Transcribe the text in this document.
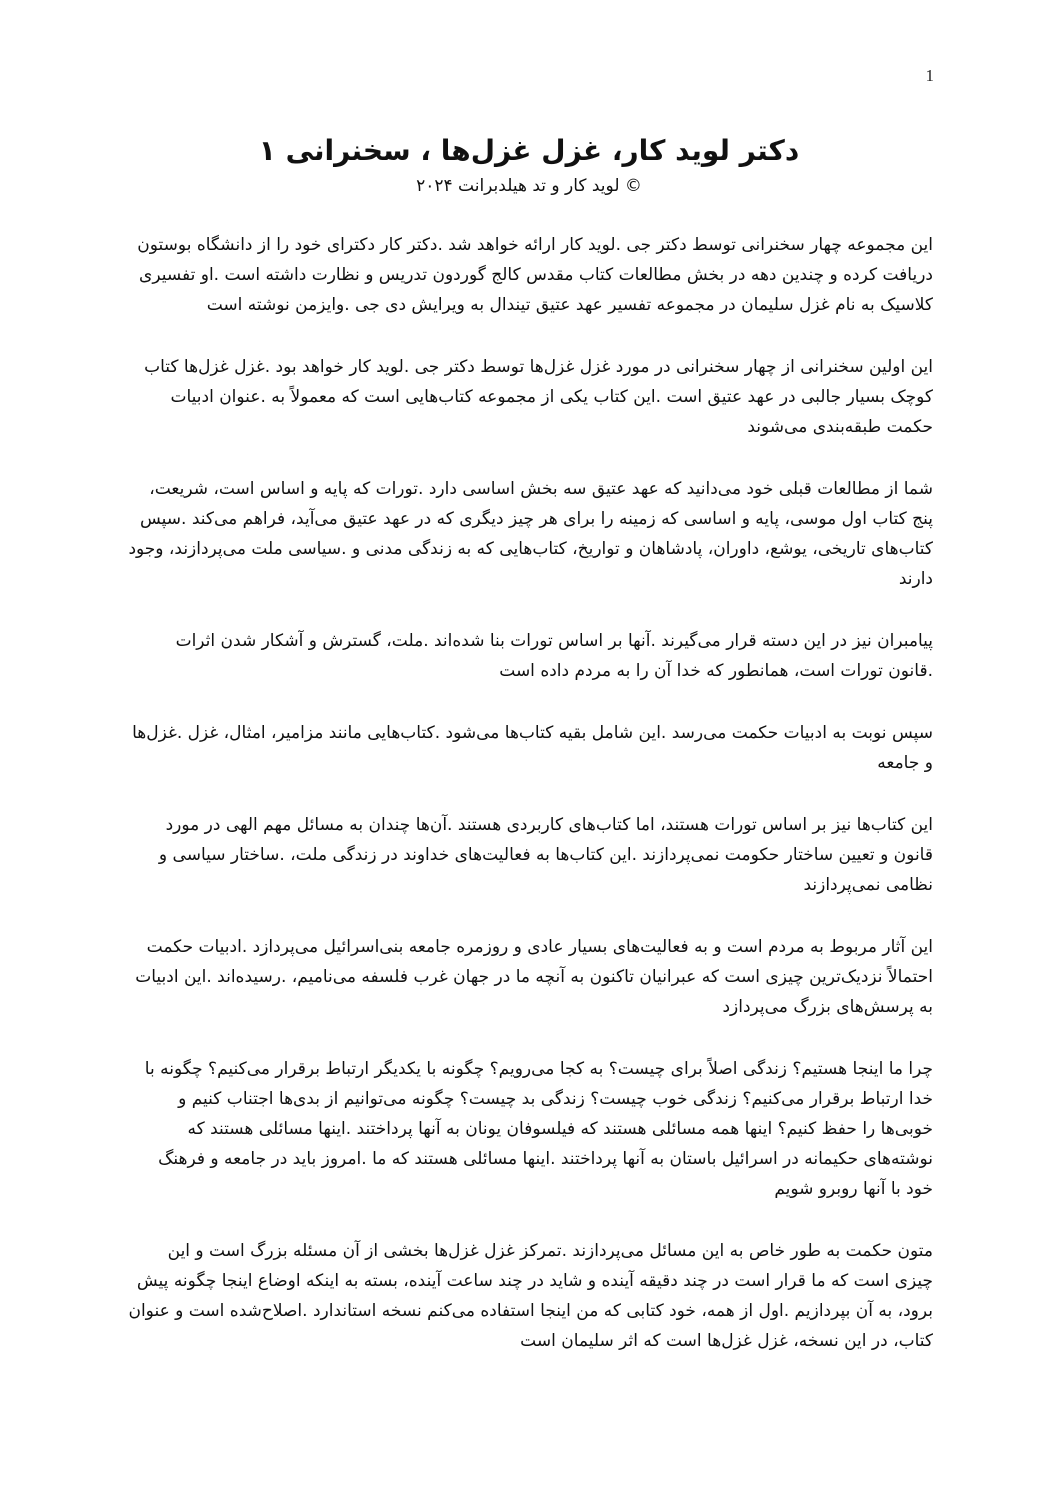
1
دکتر لوید کار، غزل غزل‌ها ، سخنرانی ۱
© لوید کار و تد هیلدبرانت ۲۰۲۴

این مجموعه چهار سخنرانی توسط دکتر جی .لوید کار ارائه خواهد شد .دکتر کار دکترای خود را از دانشگاه بوستون دریافت کرده و چندین دهه در بخش مطالعات کتاب مقدس کالج گوردون تدریس و نظارت داشته است .او تفسیری کلاسیک به نام غزل سلیمان در مجموعه تفسیر عهد عتیق تیندال به ویرایش دی جی .وایزمن نوشته است

این اولین سخنرانی از چهار سخنرانی در مورد غزل غزل‌ها توسط دکتر جی .لوید کار خواهد بود .غزل غزل‌ها کتاب کوچک بسیار جالبی در عهد عتیق است .این کتاب یکی از مجموعه کتاب‌هایی است که معمولاً به .عنوان ادبیات حکمت طبقه‌بندی می‌شوند

شما از مطالعات قبلی خود می‌دانید که عهد عتیق سه بخش اساسی دارد .تورات که پایه و اساس است، شریعت، پنج کتاب اول موسی، پایه و اساسی که زمینه را برای هر چیز دیگری که در عهد عتیق می‌آید، فراهم می‌کند .سپس کتاب‌های تاریخی، یوشع، داوران، پادشاهان و تواریخ، کتاب‌هایی که به زندگی مدنی و .سیاسی ملت می‌پردازند، وجود دارند

پیامبران نیز در این دسته قرار می‌گیرند .آنها بر اساس تورات بنا شده‌اند .ملت، گسترش و آشکار شدن اثرات .قانون تورات است، همانطور که خدا آن را به مردم داده است

سپس نوبت به ادبیات حکمت می‌رسد .این شامل بقیه کتاب‌ها می‌شود .کتاب‌هایی مانند مزامیر، امثال، غزل .غزل‌ها و جامعه

این کتاب‌ها نیز بر اساس تورات هستند، اما کتاب‌های کاربردی هستند .آن‌ها چندان به مسائل مهم الهی در مورد قانون و تعیین ساختار حکومت نمی‌پردازند .این کتاب‌ها به فعالیت‌های خداوند در زندگی ملت، .ساختار سیاسی و نظامی نمی‌پردازند

این آثار مربوط به مردم است و به فعالیت‌های بسیار عادی و روزمره جامعه بنی‌اسرائیل می‌پردازد .ادبیات حکمت احتمالاً نزدیک‌ترین چیزی است که عبرانیان تاکنون به آنچه ما در جهان غرب فلسفه می‌نامیم، .رسیده‌اند .این ادبیات به پرسش‌های بزرگ می‌پردازد

چرا ما اینجا هستیم؟ زندگی اصلاً برای چیست؟ به کجا می‌رویم؟ چگونه با یکدیگر ارتباط برقرار می‌کنیم؟ چگونه با خدا ارتباط برقرار می‌کنیم؟ زندگی خوب چیست؟ زندگی بد چیست؟ چگونه می‌توانیم از بدی‌ها اجتناب کنیم و خوبی‌ها را حفظ کنیم؟ اینها همه مسائلی هستند که فیلسوفان یونان به آنها پرداختند .اینها مسائلی هستند که نوشته‌های حکیمانه در اسرائیل باستان به آنها پرداختند .اینها مسائلی هستند که ما .امروز باید در جامعه و فرهنگ خود با آنها روبرو شویم

متون حکمت به طور خاص به این مسائل می‌پردازند .تمرکز غزل غزل‌ها بخشی از آن مسئله بزرگ است و این چیزی است که ما قرار است در چند دقیقه آینده و شاید در چند ساعت آینده، بسته به اینکه اوضاع اینجا چگونه پیش برود، به آن بپردازیم .اول از همه، خود کتابی که من اینجا استفاده می‌کنم نسخه استاندارد .اصلاح‌شده است و عنوان کتاب، در این نسخه، غزل غزل‌ها است که اثر سلیمان است
